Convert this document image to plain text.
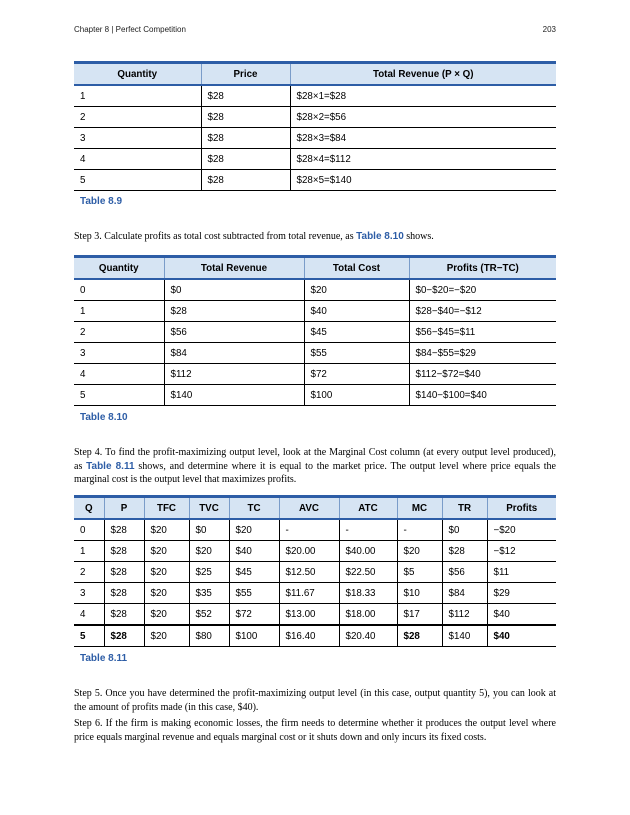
Chapter 8 | Perfect Competition	203
Quantity	Price	Total Revenue (P × Q)
1	$28	$28×1=$28
2	$28	$28×2=$56
3	$28	$28×3=$84
4	$28	$28×4=$112
5	$28	$28×5=$140
Table 8.9
Step 3. Calculate profits as total cost subtracted from total revenue, as Table 8.10 shows.
Quantity	Total Revenue	Total Cost	Profits (TR−TC)
0	$0	$20	$0−$20=−$20
1	$28	$40	$28−$40=−$12
2	$56	$45	$56−$45=$11
3	$84	$55	$84−$55=$29
4	$112	$72	$112−$72=$40
5	$140	$100	$140−$100=$40
Table 8.10
Step 4. To find the profit-maximizing output level, look at the Marginal Cost column (at every output level produced), as Table 8.11 shows, and determine where it is equal to the market price. The output level where price equals the marginal cost is the output level that maximizes profits.
Q	P	TFC	TVC	TC	AVC	ATC	MC	TR	Profits
0	$28	$20	$0	$20	-	-	-	$0	−$20
1	$28	$20	$20	$40	$20.00	$40.00	$20	$28	−$12
2	$28	$20	$25	$45	$12.50	$22.50	$5	$56	$11
3	$28	$20	$35	$55	$11.67	$18.33	$10	$84	$29
4	$28	$20	$52	$72	$13.00	$18.00	$17	$112	$40
5	$28	$20	$80	$100	$16.40	$20.40	$28	$140	$40
Table 8.11
Step 5. Once you have determined the profit-maximizing output level (in this case, output quantity 5), you can look at the amount of profits made (in this case, $40).
Step 6. If the firm is making economic losses, the firm needs to determine whether it produces the output level where price equals marginal revenue and equals marginal cost or it shuts down and only incurs its fixed costs.
